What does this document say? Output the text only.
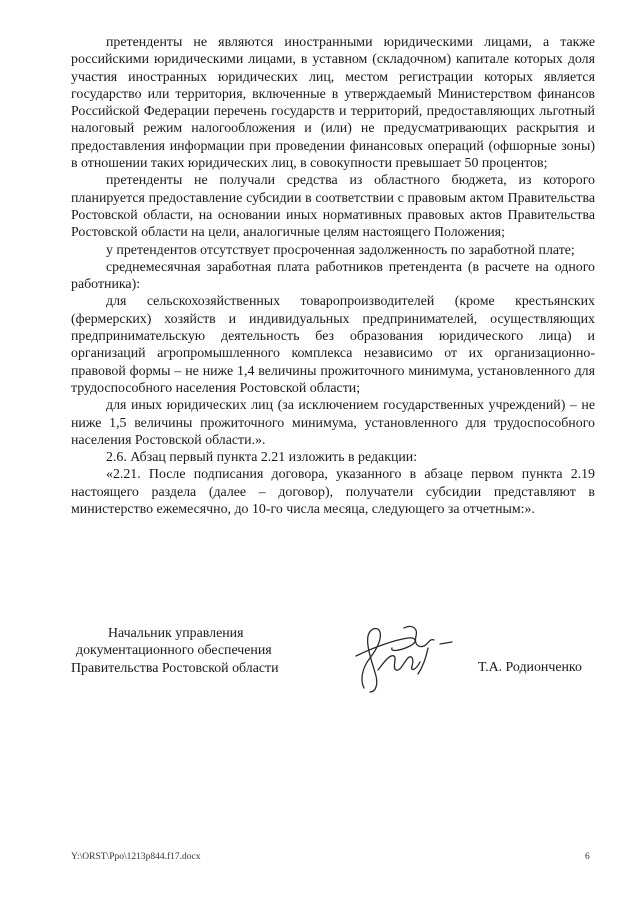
претенденты не являются иностранными юридическими лицами, а также российскими юридическими лицами, в уставном (складочном) капитале которых доля участия иностранных юридических лиц, местом регистрации которых является государство или территория, включенные в утверждаемый Министерством финансов Российской Федерации перечень государств и территорий, предоставляющих льготный налоговый режим налогообложения и (или) не предусматривающих раскрытия и предоставления информации при проведении финансовых операций (офшорные зоны) в отношении таких юридических лиц, в совокупности превышает 50 процентов;

претенденты не получали средства из областного бюджета, из которого планируется предоставление субсидии в соответствии с правовым актом Правительства Ростовской области, на основании иных нормативных правовых актов Правительства Ростовской области на цели, аналогичные целям настоящего Положения;

у претендентов отсутствует просроченная задолженность по заработной плате;

среднемесячная заработная плата работников претендента (в расчете на одного работника):

для сельскохозяйственных товаропроизводителей (кроме крестьянских (фермерских) хозяйств и индивидуальных предпринимателей, осуществляющих предпринимательскую деятельность без образования юридического лица) и организаций агропромышленного комплекса независимо от их организационно-правовой формы – не ниже 1,4 величины прожиточного минимума, установленного для трудоспособного населения Ростовской области;

для иных юридических лиц (за исключением государственных учреждений) – не ниже 1,5 величины прожиточного минимума, установленного для трудоспособного населения Ростовской области.».

2.6. Абзац первый пункта 2.21 изложить в редакции:

«2.21. После подписания договора, указанного в абзаце первом пункта 2.19 настоящего раздела (далее – договор), получатели субсидии представляют в министерство ежемесячно, до 10-го числа месяца, следующего за отчетным:».

Начальник управления
документационного обеспечения
Правительства Ростовской области	Т.А. Родионченко
Y:\ORST\Ppo\1213p844.f17.docx	6
